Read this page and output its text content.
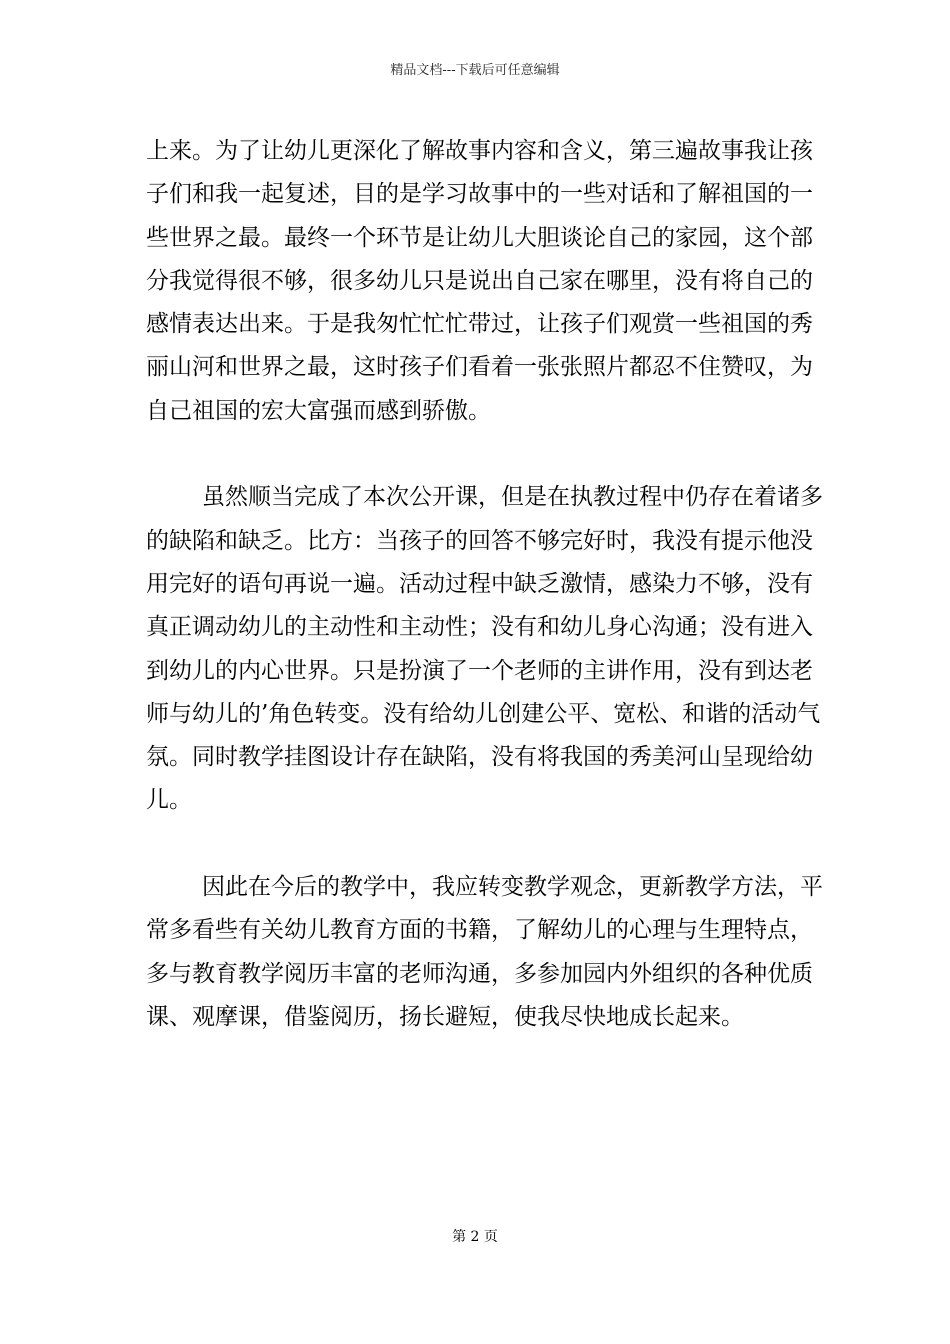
精品文档---下载后可任意编辑
上来。为了让幼儿更深化了解故事内容和含义，第三遍故事我让孩
子们和我一起复述，目的是学习故事中的一些对话和了解祖国的一
些世界之最。最终一个环节是让幼儿大胆谈论自己的家园，这个部
分我觉得很不够，很多幼儿只是说出自己家在哪里，没有将自己的
感情表达出来。于是我匆忙忙忙带过，让孩子们观赏一些祖国的秀
丽山河和世界之最，这时孩子们看着一张张照片都忍不住赞叹，为
自己祖国的宏大富强而感到骄傲。
虽然顺当完成了本次公开课，但是在执教过程中仍存在着诸多
的缺陷和缺乏。比方：当孩子的回答不够完好时，我没有提示他没
用完好的语句再说一遍。活动过程中缺乏激情，感染力不够，没有
真正调动幼儿的主动性和主动性；没有和幼儿身心沟通；没有进入
到幼儿的内心世界。只是扮演了一个老师的主讲作用，没有到达老
师与幼儿的’角色转变。没有给幼儿创建公平、宽松、和谐的活动气
氛。同时教学挂图设计存在缺陷，没有将我国的秀美河山呈现给幼
儿。
因此在今后的教学中，我应转变教学观念，更新教学方法，平
常多看些有关幼儿教育方面的书籍，了解幼儿的心理与生理特点，
多与教育教学阅历丰富的老师沟通，多参加园内外组织的各种优质
课、观摩课，借鉴阅历，扬长避短，使我尽快地成长起来。
第 2 页
